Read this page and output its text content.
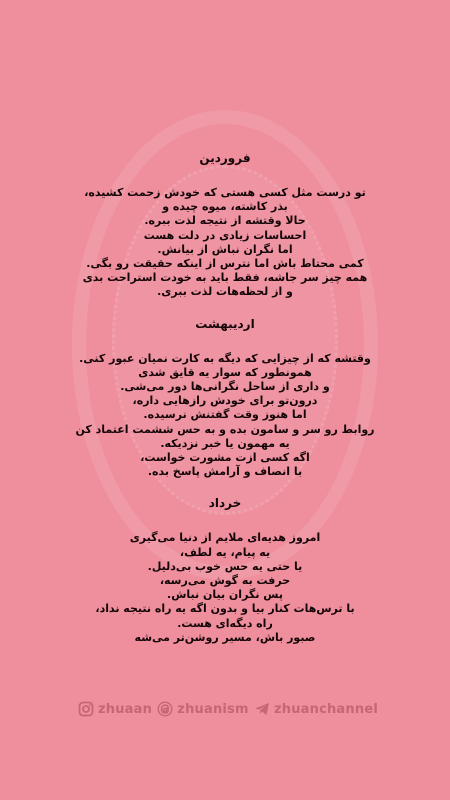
فروردین

تو درست مثل کسی هستی که خودش زحمت کشیده،

بذر کاشته، میوه چیده و

حالا وقتشه از نتیجه لذت ببره.

احساسات زیادی در دلت هست

اما نگران نباش از بیانش.

کمی محتاط باش اما نترس از اینکه حقیقت رو بگی.

همه چیز سر جاشه، فقط باید به خودت استراحت بدی

و از لحظه‌هات لذت ببری.

اردیبهشت

وقتشه که از چیزایی که دیگه به کارت نمیان عبور کنی.

همونطور که سوار یه قایق شدی

و داری از ساحل نگرانی‌ها دور می‌شی.

درون‌تو برای خودش رازهایی داره،

اما هنوز وقت گفتنش نرسیده.

روابط رو سر و سامون بده و به حس ششمت اعتماد کن

یه مهمون یا خبر نزدیکه.

اگه کسی ازت مشورت خواست،

با انصاف و آرامش پاسخ بده.

خرداد

امروز هدیه‌ای ملایم از دنیا می‌گیری

یه پیام، یه لطف،

یا حتی یه حس خوب بی‌دلیل.

حرفت به گوش می‌رسه،

پس نگران بیان نباش.

با ترس‌هات کنار بیا و بدون اگه یه راه نتیجه نداد،

راه دیگه‌ای هست.

صبور باش، مسیر روشن‌تر می‌شه

zhuaan zhuanism zhuanchannel
